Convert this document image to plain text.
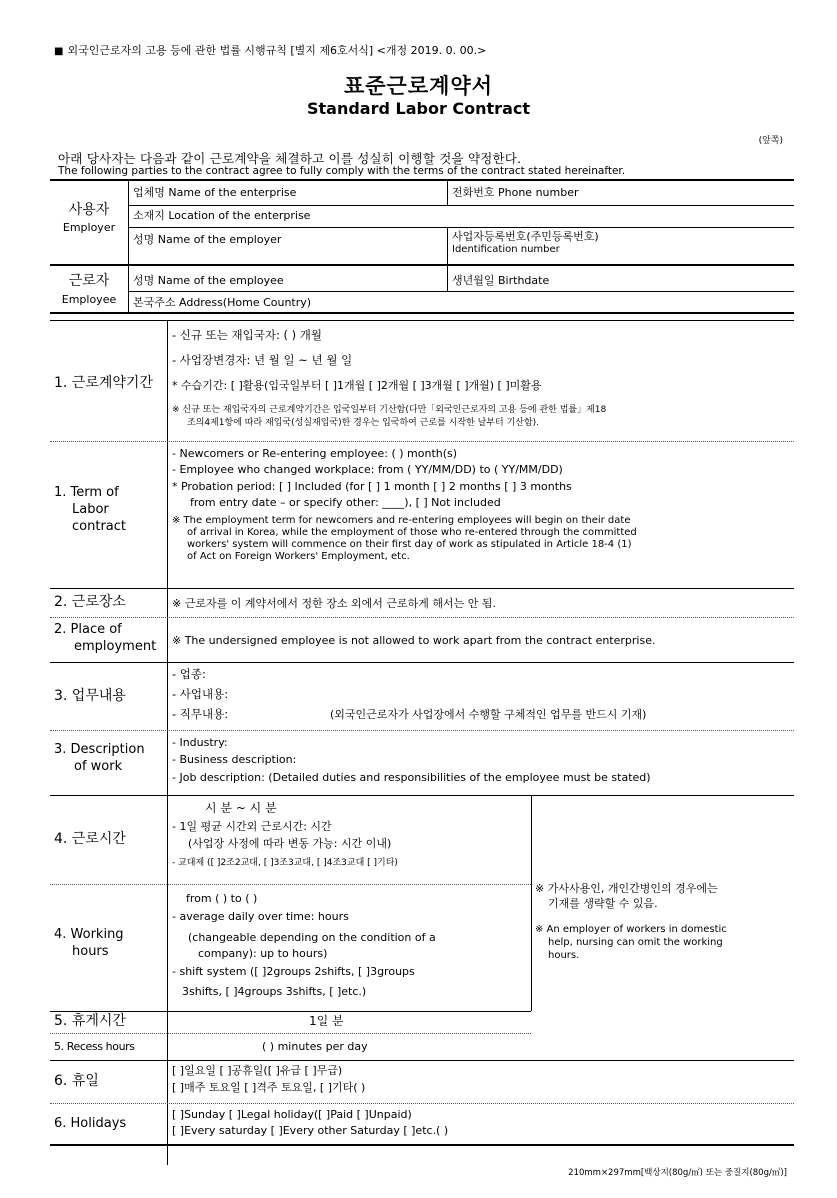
■ 외국인근로자의 고용 등에 관한 법률 시행규칙 [별지 제6호서식] <개정 2019. 0. 00.>
표준근로계약서
Standard Labor Contract
(앞쪽)
아래 당사자는 다음과 같이 근로계약을 체결하고 이를 성실히 이행할 것을 약정한다.
The following parties to the contract agree to fully comply with the terms of the contract stated hereinafter.
사용자
Employer
업체명 Name of the enterprise	전화번호 Phone number
소재지 Location of the enterprise
성명 Name of the employer	사업자등록번호(주민등록번호)
Identification number
근로자
Employee
성명 Name of the employee	생년월일 Birthdate
본국주소 Address(Home Country)
1. 근로계약기간
- 신규 또는 재입국자: ( ) 개월
- 사업장변경자: 년 월 일 ~ 년 월 일
* 수습기간: [ ]활용(입국일부터 [ ]1개월 [ ]2개월 [ ]3개월 [ ]개월) [ ]미활용
※ 신규 또는 재입국자의 근로계약기간은 입국일부터 기산함(다만「외국인근로자의 고용 등에 관한 법률」제18
조의4제1항에 따라 재입국(성실재입국)한 경우는 입국하여 근로를 시작한 날부터 기산함).
1. Term of
Labor
contract
- Newcomers or Re-entering employee: ( ) month(s)
- Employee who changed workplace: from ( YY/MM/DD) to ( YY/MM/DD)
* Probation period: [ ] Included (for [ ] 1 month [ ] 2 months [ ] 3 months
from entry date – or specify other: ____), [ ] Not included
※ The employment term for newcomers and re-entering employees will begin on their date
of arrival in Korea, while the employment of those who re-entered through the committed
workers' system will commence on their first day of work as stipulated in Article 18-4 (1)
of Act on Foreign Workers' Employment, etc.
2. 근로장소	※ 근로자를 이 계약서에서 정한 장소 외에서 근로하게 해서는 안 됨.
2. Place of
employment ※ The undersigned employee is not allowed to work apart from the contract enterprise.
3. 업무내용
- 업종:
- 사업내용:
- 직무내용:	(외국인근로자가 사업장에서 수행할 구체적인 업무를 반드시 기재)
3. Description
of work
- Industry:
- Business description:
- Job description: (Detailed duties and responsibilities of the employee must be stated)
4. 근로시간
시 분 ~ 시 분
- 1일 평균 시간외 근로시간: 시간
(사업장 사정에 따라 변동 가능: 시간 이내)
- 교대제 ([ ]2조2교대, [ ]3조3교대, [ ]4조3교대 [ ]기타)
4. Working
hours
from ( ) to ( )
- average daily over time: hours
(changeable depending on the condition of a
company): up to hours)
- shift system ([ ]2groups 2shifts, [ ]3groups
3shifts, [ ]4groups 3shifts, [ ]etc.)
※ 가사사용인, 개인간병인의 경우에는
기재를 생략할 수 있음.
※ An employer of workers in domestic
help, nursing can omit the working
hours.
5. 휴게시간	1일 분
5. Recess hours	( ) minutes per day
6. 휴일
[ ]일요일 [ ]공휴일([ ]유급 [ ]무급)
[ ]매주 토요일 [ ]격주 토요일, [ ]기타( )
6. Holidays
[ ]Sunday [ ]Legal holiday([ ]Paid [ ]Unpaid)
[ ]Every saturday [ ]Every other Saturday [ ]etc.( )
210mm×297mm[백상지(80g/㎡) 또는 중질지(80g/㎡)]
